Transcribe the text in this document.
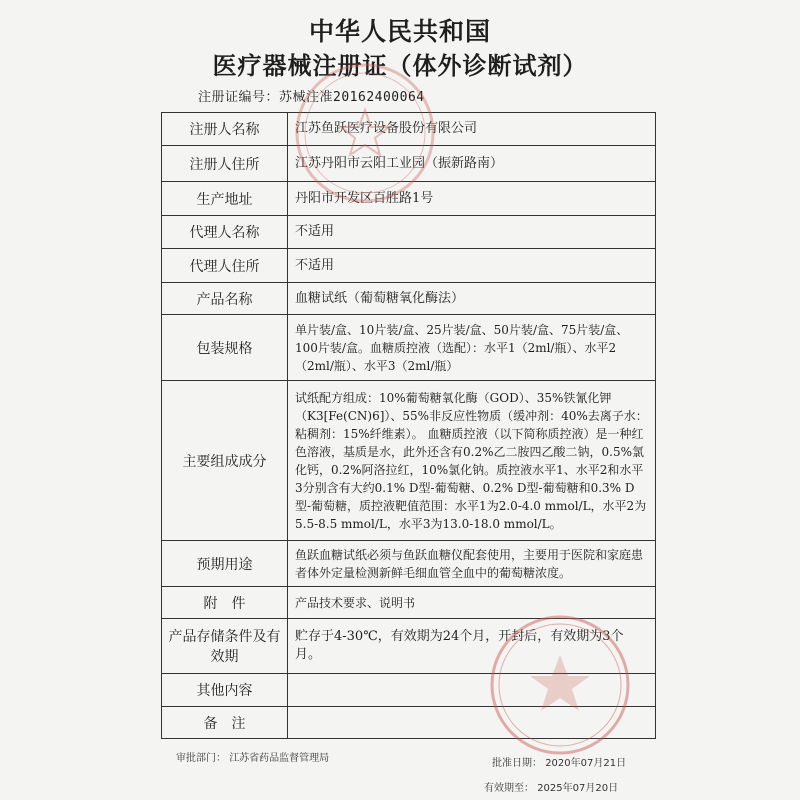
中华人民共和国
医疗器械注册证（体外诊断试剂）
注册证编号：苏械注准20162400064
注册人名称	江苏鱼跃医疗设备股份有限公司
注册人住所	江苏丹阳市云阳工业园（振新路南）
生产地址	丹阳市开发区百胜路1号
代理人名称	不适用
代理人住所	不适用
产品名称	血糖试纸（葡萄糖氧化酶法）
包装规格	单片装/盒、10片装/盒、25片装/盒、50片装/盒、75片装/盒、100片装/盒。血糖质控液（选配）：水平1（2ml/瓶）、水平2（2ml/瓶）、水平3（2ml/瓶）
主要组成成分	试纸配方组成：10%葡萄糖氧化酶（GOD）、35%铁氰化钾（K3[Fe(CN)6]）、55%非反应性物质（缓冲剂：40%去离子水：粘稠剂：15%纤维素）。 血糖质控液（以下简称质控液）是一种红色溶液，基质是水，此外还含有0.2%乙二胺四乙酸二钠，0.5%氯化钙，0.2%阿洛拉红，10%氯化钠。质控液水平1、水平2和水平3分别含有大约0.1% D型-葡萄糖、0.2% D型-葡萄糖和0.3% D型-葡萄糖，质控液靶值范围：水平1为2.0-4.0 mmol/L，水平2为5.5-8.5 mmol/L，水平3为13.0-18.0 mmol/L。
预期用途	鱼跃血糖试纸必须与鱼跃血糖仪配套使用，主要用于医院和家庭患者体外定量检测新鲜毛细血管全血中的葡萄糖浓度。
附　件	产品技术要求、说明书
产品存储条件及有效期	贮存于4-30℃，有效期为24个月，开封后，有效期为3个月。
其他内容	
备　注	
审批部门： 江苏省药品监督管理局	批准日期： 2020年07月21日
有效期至： 2025年07月20日
